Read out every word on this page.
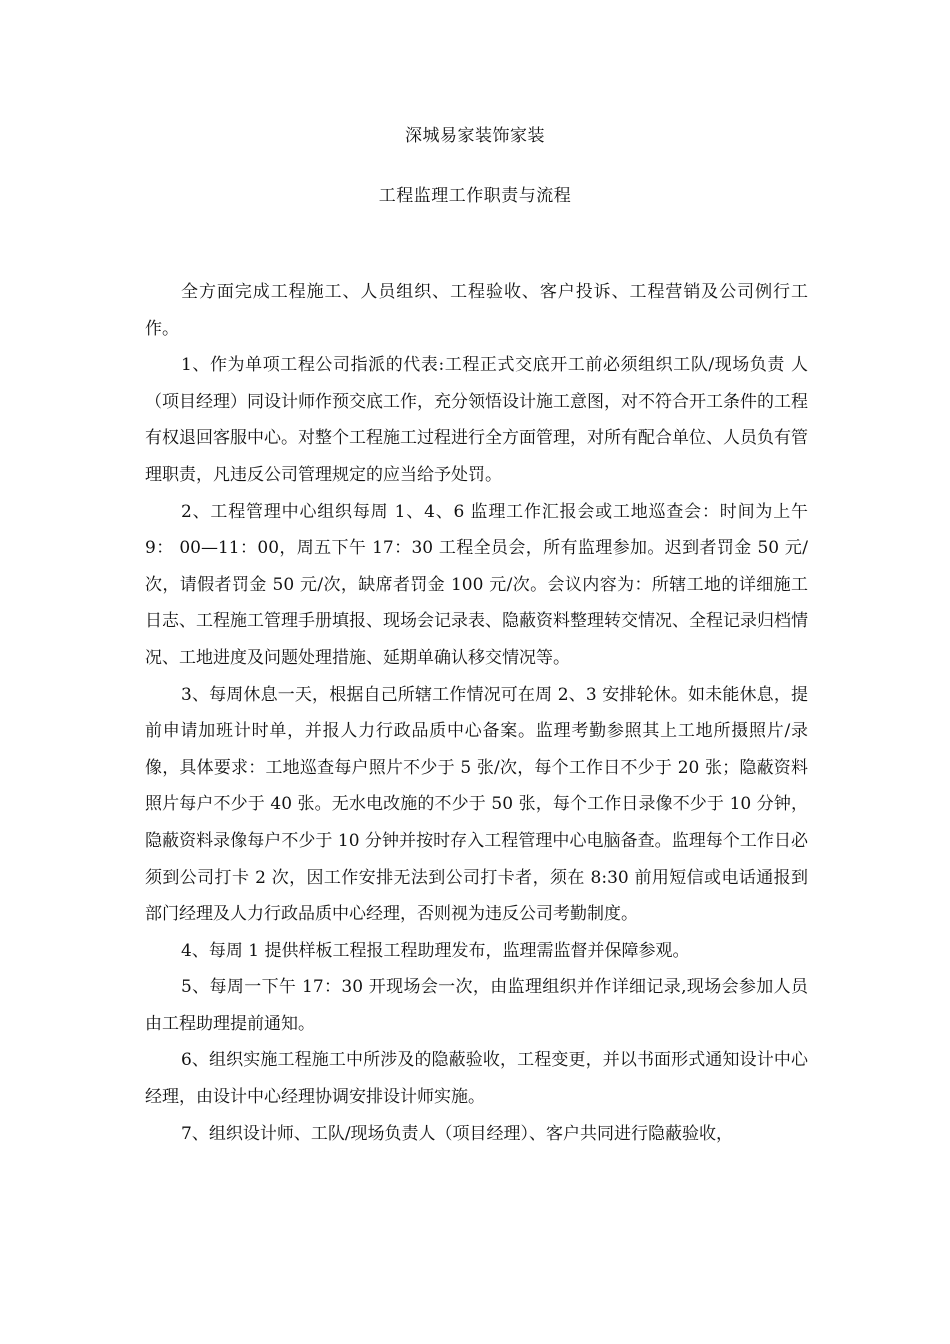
深城易家装饰家装
工程监理工作职责与流程

全方面完成工程施工、人员组织、工程验收、客户投诉、工程营销及公司例行工作。

1、作为单项工程公司指派的代表:工程正式交底开工前必须组织工队/现场负责 人（项目经理）同设计师作预交底工作，充分领悟设计施工意图，对不符合开工条件的工程有权退回客服中心。对整个工程施工过程进行全方面管理，对所有配合单位、人员负有管理职责，凡违反公司管理规定的应当给予处罚。

2、工程管理中心组织每周 1、4、6 监理工作汇报会或工地巡查会：时间为上午 9： 00—11：00，周五下午 17：30 工程全员会，所有监理参加。迟到者罚金 50 元/次，请假者罚金 50 元/次，缺席者罚金 100 元/次。会议内容为：所辖工地的详细施工日志、工程施工管理手册填报、现场会记录表、隐蔽资料整理转交情况、全程记录归档情况、工地进度及问题处理措施、延期单确认移交情况等。

3、每周休息一天，根据自己所辖工作情况可在周 2、3 安排轮休。如未能休息，提前申请加班计时单，并报人力行政品质中心备案。监理考勤参照其上工地所摄照片/录像，具体要求：工地巡查每户照片不少于 5 张/次，每个工作日不少于 20 张；隐蔽资料照片每户不少于 40 张。无水电改施的不少于 50 张，每个工作日录像不少于 10 分钟，隐蔽资料录像每户不少于 10 分钟并按时存入工程管理中心电脑备查。监理每个工作日必须到公司打卡 2 次，因工作安排无法到公司打卡者，须在 8:30 前用短信或电话通报到部门经理及人力行政品质中心经理，否则视为违反公司考勤制度。

4、每周 1 提供样板工程报工程助理发布，监理需监督并保障参观。

5、每周一下午 17：30 开现场会一次，由监理组织并作详细记录,现场会参加人员由工程助理提前通知。

6、组织实施工程施工中所涉及的隐蔽验收，工程变更，并以书面形式通知设计中心经理，由设计中心经理协调安排设计师实施。

7、组织设计师、工队/现场负责人（项目经理）、客户共同进行隐蔽验收，
